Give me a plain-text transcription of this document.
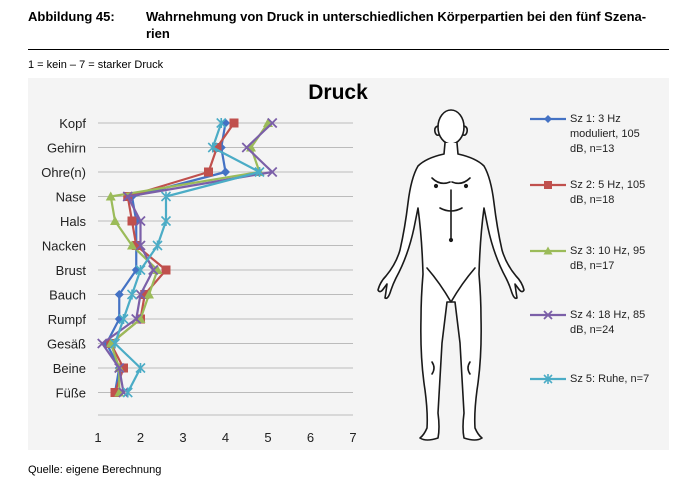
Abbildung 45: Wahrnehmung von Druck in unterschiedlichen Körperpartien bei den fünf Szena-rien
1 = kein – 7 = starker Druck
Druck
Kopf
Gehirn
Ohre(n)
Nase
Hals
Nacken
Brust
Bauch
Rumpf
Gesäß
Beine
Füße
1	2	3	4	5	6	7
Sz 1: 3 Hz
moduliert, 105
dB, n=13
Sz 2: 5 Hz, 105
dB, n=18
Sz 3: 10 Hz, 95
dB, n=17
Sz 4: 18 Hz, 85
dB, n=24
Sz 5: Ruhe, n=7
Quelle: eigene Berechnung
